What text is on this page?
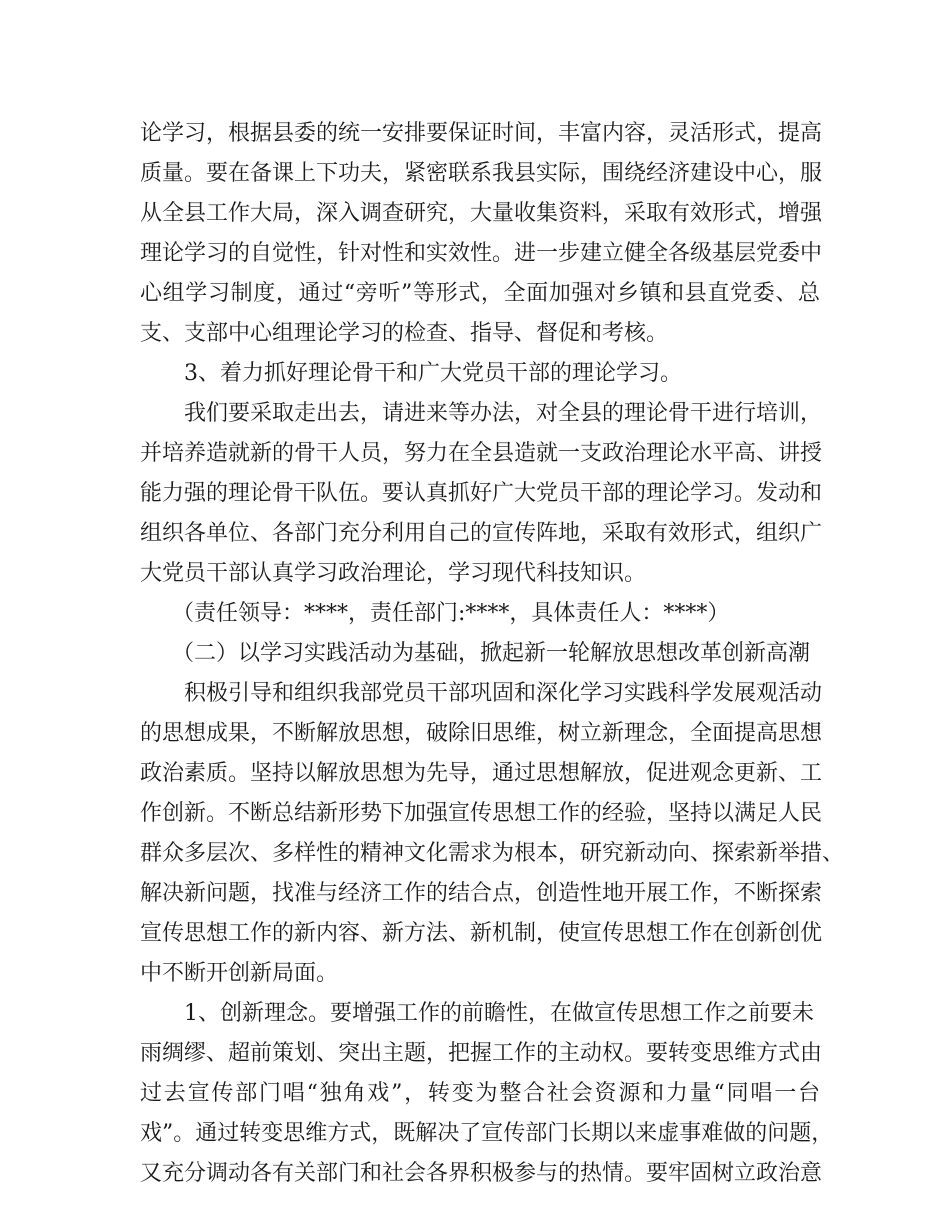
论学习，根据县委的统一安排要保证时间，丰富内容，灵活形式，提高
质量。要在备课上下功夫，紧密联系我县实际，围绕经济建设中心，服
从全县工作大局，深入调查研究，大量收集资料，采取有效形式，增强
理论学习的自觉性，针对性和实效性。进一步建立健全各级基层党委中
心组学习制度，通过“旁听”等形式，全面加强对乡镇和县直党委、总
支、支部中心组理论学习的检查、指导、督促和考核。
3、着力抓好理论骨干和广大党员干部的理论学习。
我们要采取走出去，请进来等办法，对全县的理论骨干进行培训，
并培养造就新的骨干人员，努力在全县造就一支政治理论水平高、讲授
能力强的理论骨干队伍。要认真抓好广大党员干部的理论学习。发动和
组织各单位、各部门充分利用自己的宣传阵地，采取有效形式，组织广
大党员干部认真学习政治理论，学习现代科技知识。
（责任领导：****，责任部门:****，具体责任人：****）
（二）以学习实践活动为基础，掀起新一轮解放思想改革创新高潮
积极引导和组织我部党员干部巩固和深化学习实践科学发展观活动
的思想成果，不断解放思想，破除旧思维，树立新理念，全面提高思想
政治素质。坚持以解放思想为先导，通过思想解放，促进观念更新、工
作创新。不断总结新形势下加强宣传思想工作的经验，坚持以满足人民
群众多层次、多样性的精神文化需求为根本，研究新动向、探索新举措、
解决新问题，找准与经济工作的结合点，创造性地开展工作，不断探索
宣传思想工作的新内容、新方法、新机制，使宣传思想工作在创新创优
中不断开创新局面。
1、创新理念。要增强工作的前瞻性，在做宣传思想工作之前要未
雨绸缪、超前策划、突出主题，把握工作的主动权。要转变思维方式由
过去宣传部门唱“独角戏”，转变为整合社会资源和力量“同唱一台
戏”。通过转变思维方式，既解决了宣传部门长期以来虚事难做的问题，
又充分调动各有关部门和社会各界积极参与的热情。要牢固树立政治意
